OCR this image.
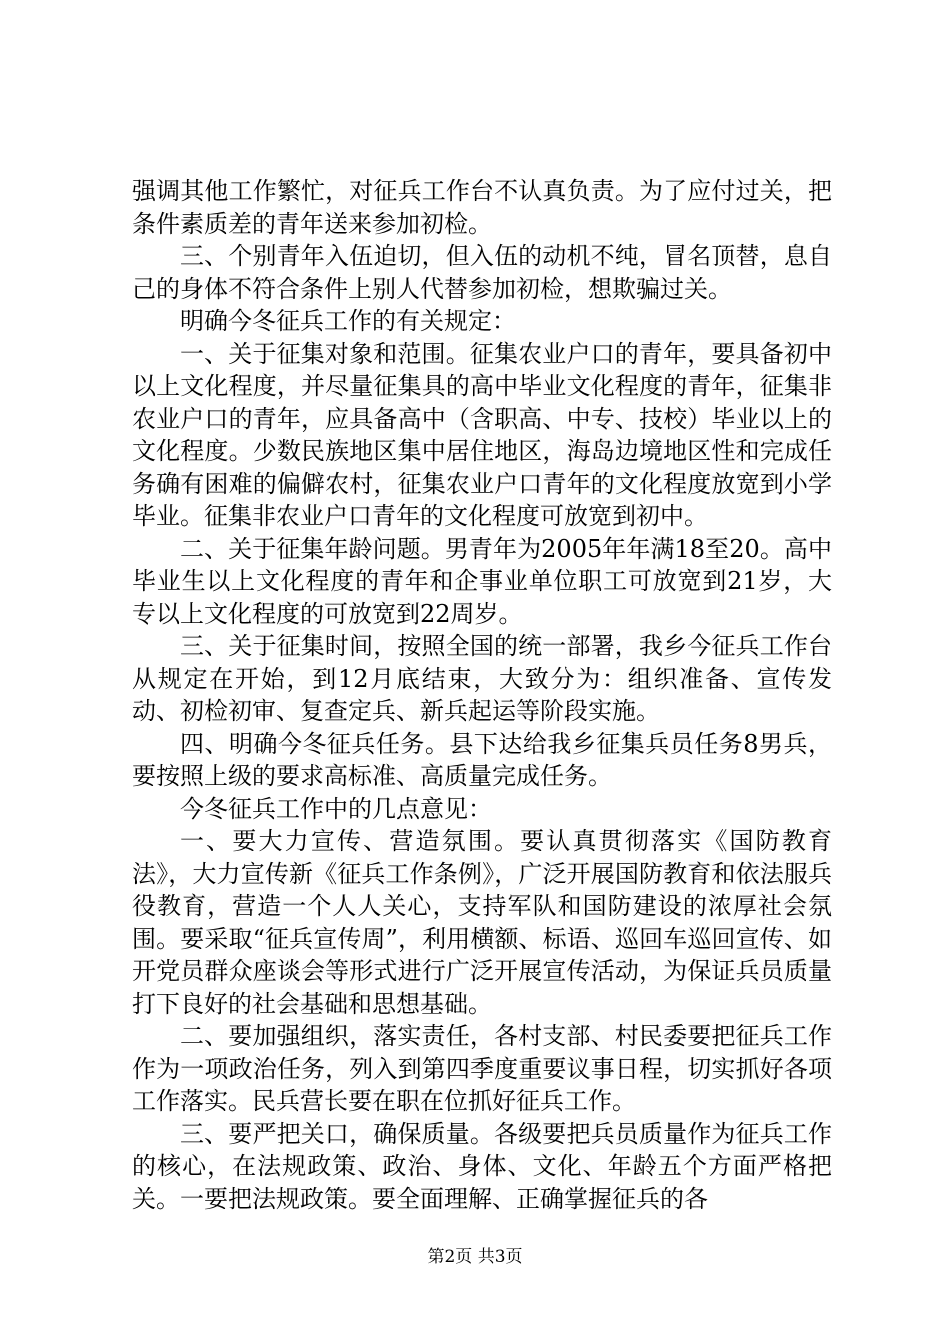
强调其他工作繁忙，对征兵工作台不认真负责。为了应付过关，把条件素质差的青年送来参加初检。

三、个别青年入伍迫切，但入伍的动机不纯，冒名顶替，息自己的身体不符合条件上别人代替参加初检，想欺骗过关。

明确今冬征兵工作的有关规定：

一、关于征集对象和范围。征集农业户口的青年，要具备初中以上文化程度，并尽量征集具的高中毕业文化程度的青年，征集非农业户口的青年，应具备高中（含职高、中专、技校）毕业以上的文化程度。少数民族地区集中居住地区，海岛边境地区性和完成任务确有困难的偏僻农村，征集农业户口青年的文化程度放宽到小学毕业。征集非农业户口青年的文化程度可放宽到初中。

二、关于征集年龄问题。男青年为2005年年满18至20。高中毕业生以上文化程度的青年和企事业单位职工可放宽到21岁，大专以上文化程度的可放宽到22周岁。

三、关于征集时间，按照全国的统一部署，我乡今征兵工作台从规定在开始，到12月底结束，大致分为：组织准备、宣传发动、初检初审、复查定兵、新兵起运等阶段实施。

四、明确今冬征兵任务。县下达给我乡征集兵员任务8男兵，要按照上级的要求高标准、高质量完成任务。

今冬征兵工作中的几点意见：

一、要大力宣传、营造氛围。要认真贯彻落实《国防教育法》，大力宣传新《征兵工作条例》，广泛开展国防教育和依法服兵役教育，营造一个人人关心，支持军队和国防建设的浓厚社会氛围。要采取“征兵宣传周”，利用横额、标语、巡回车巡回宣传、如开党员群众座谈会等形式进行广泛开展宣传活动，为保证兵员质量打下良好的社会基础和思想基础。

二、要加强组织，落实责任，各村支部、村民委要把征兵工作作为一项政治任务，列入到第四季度重要议事日程，切实抓好各项工作落实。民兵营长要在职在位抓好征兵工作。

三、要严把关口，确保质量。各级要把兵员质量作为征兵工作的核心，在法规政策、政治、身体、文化、年龄五个方面严格把关。一要把法规政策。要全面理解、正确掌握征兵的各

第2页 共3页
